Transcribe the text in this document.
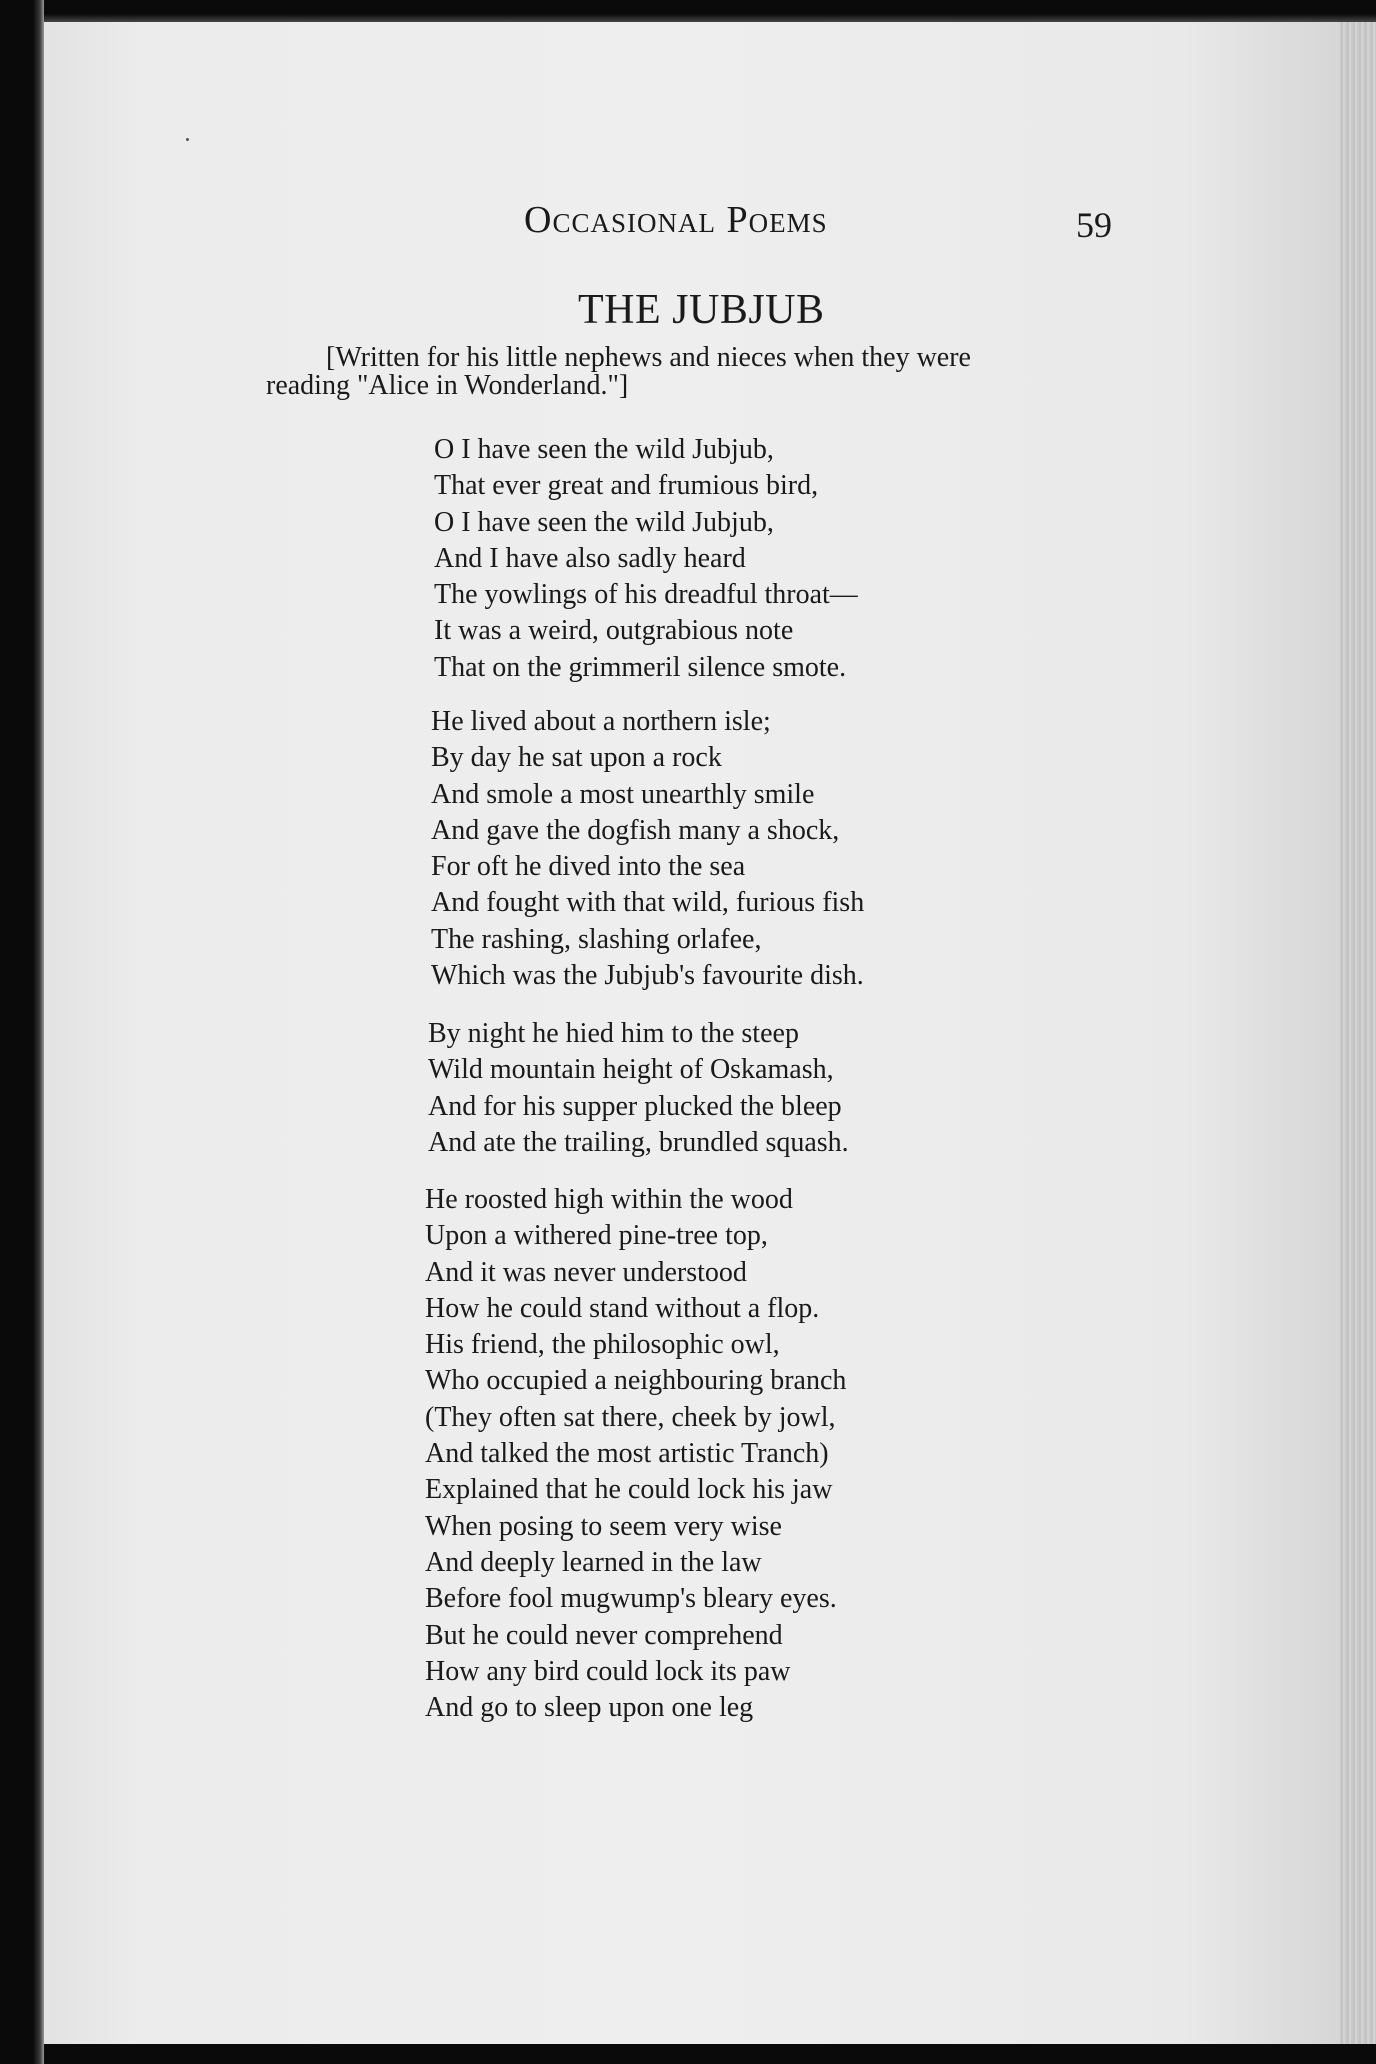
Occasional Poems	59
THE JUBJUB
[Written for his little nephews and nieces when they were
reading "Alice in Wonderland."]
O I have seen the wild Jubjub,
That ever great and frumious bird,
O I have seen the wild Jubjub,
And I have also sadly heard
The yowlings of his dreadful throat—
It was a weird, outgrabious note
That on the grimmeril silence smote.
He lived about a northern isle;
By day he sat upon a rock
And smole a most unearthly smile
And gave the dogfish many a shock,
For oft he dived into the sea
And fought with that wild, furious fish
The rashing, slashing orlafee,
Which was the Jubjub's favourite dish.
By night he hied him to the steep
Wild mountain height of Oskamash,
And for his supper plucked the bleep
And ate the trailing, brundled squash.
He roosted high within the wood
Upon a withered pine-tree top,
And it was never understood
How he could stand without a flop.
His friend, the philosophic owl,
Who occupied a neighbouring branch
(They often sat there, cheek by jowl,
And talked the most artistic Tranch)
Explained that he could lock his jaw
When posing to seem very wise
And deeply learned in the law
Before fool mugwump's bleary eyes.
But he could never comprehend
How any bird could lock its paw
And go to sleep upon one leg
